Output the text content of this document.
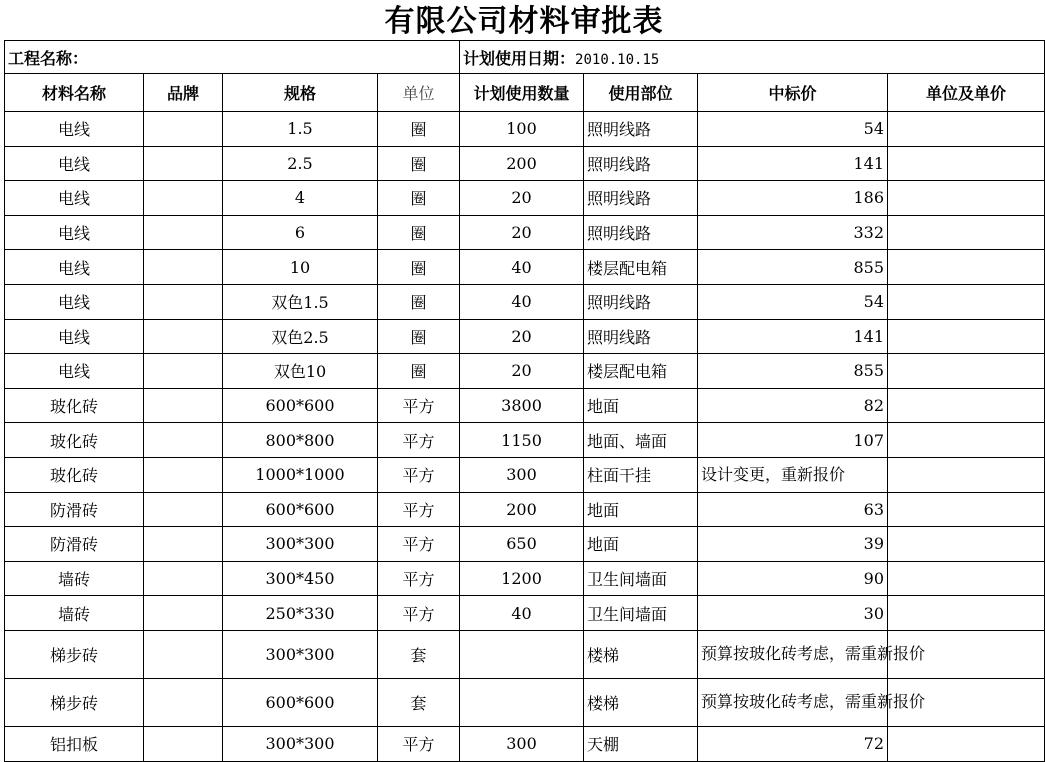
有限公司材料审批表
工程名称：				计划使用日期：2010.10.15			
材料名称	品牌	规格	单位	计划使用数量	使用部位	中标价	单位及单价
电线		1.5	圈	100	照明线路	54	
电线		2.5	圈	200	照明线路	141	
电线		4	圈	20	照明线路	186	
电线		6	圈	20	照明线路	332	
电线		10	圈	40	楼层配电箱	855	
电线		双色1.5	圈	40	照明线路	54	
电线		双色2.5	圈	20	照明线路	141	
电线		双色10	圈	20	楼层配电箱	855	
玻化砖		600*600	平方	3800	地面	82	
玻化砖		800*800	平方	1150	地面、墙面	107	
玻化砖		1000*1000	平方	300	柱面干挂	设计变更，重新报价	
防滑砖		600*600	平方	200	地面	63	
防滑砖		300*300	平方	650	地面	39	
墙砖		300*450	平方	1200	卫生间墙面	90	
墙砖		250*330	平方	40	卫生间墙面	30	
梯步砖		300*300	套		楼梯	预算按玻化砖考虑，需重新报价	
梯步砖		600*600	套		楼梯	预算按玻化砖考虑，需重新报价	
铝扣板		300*300	平方	300	天棚	72	
